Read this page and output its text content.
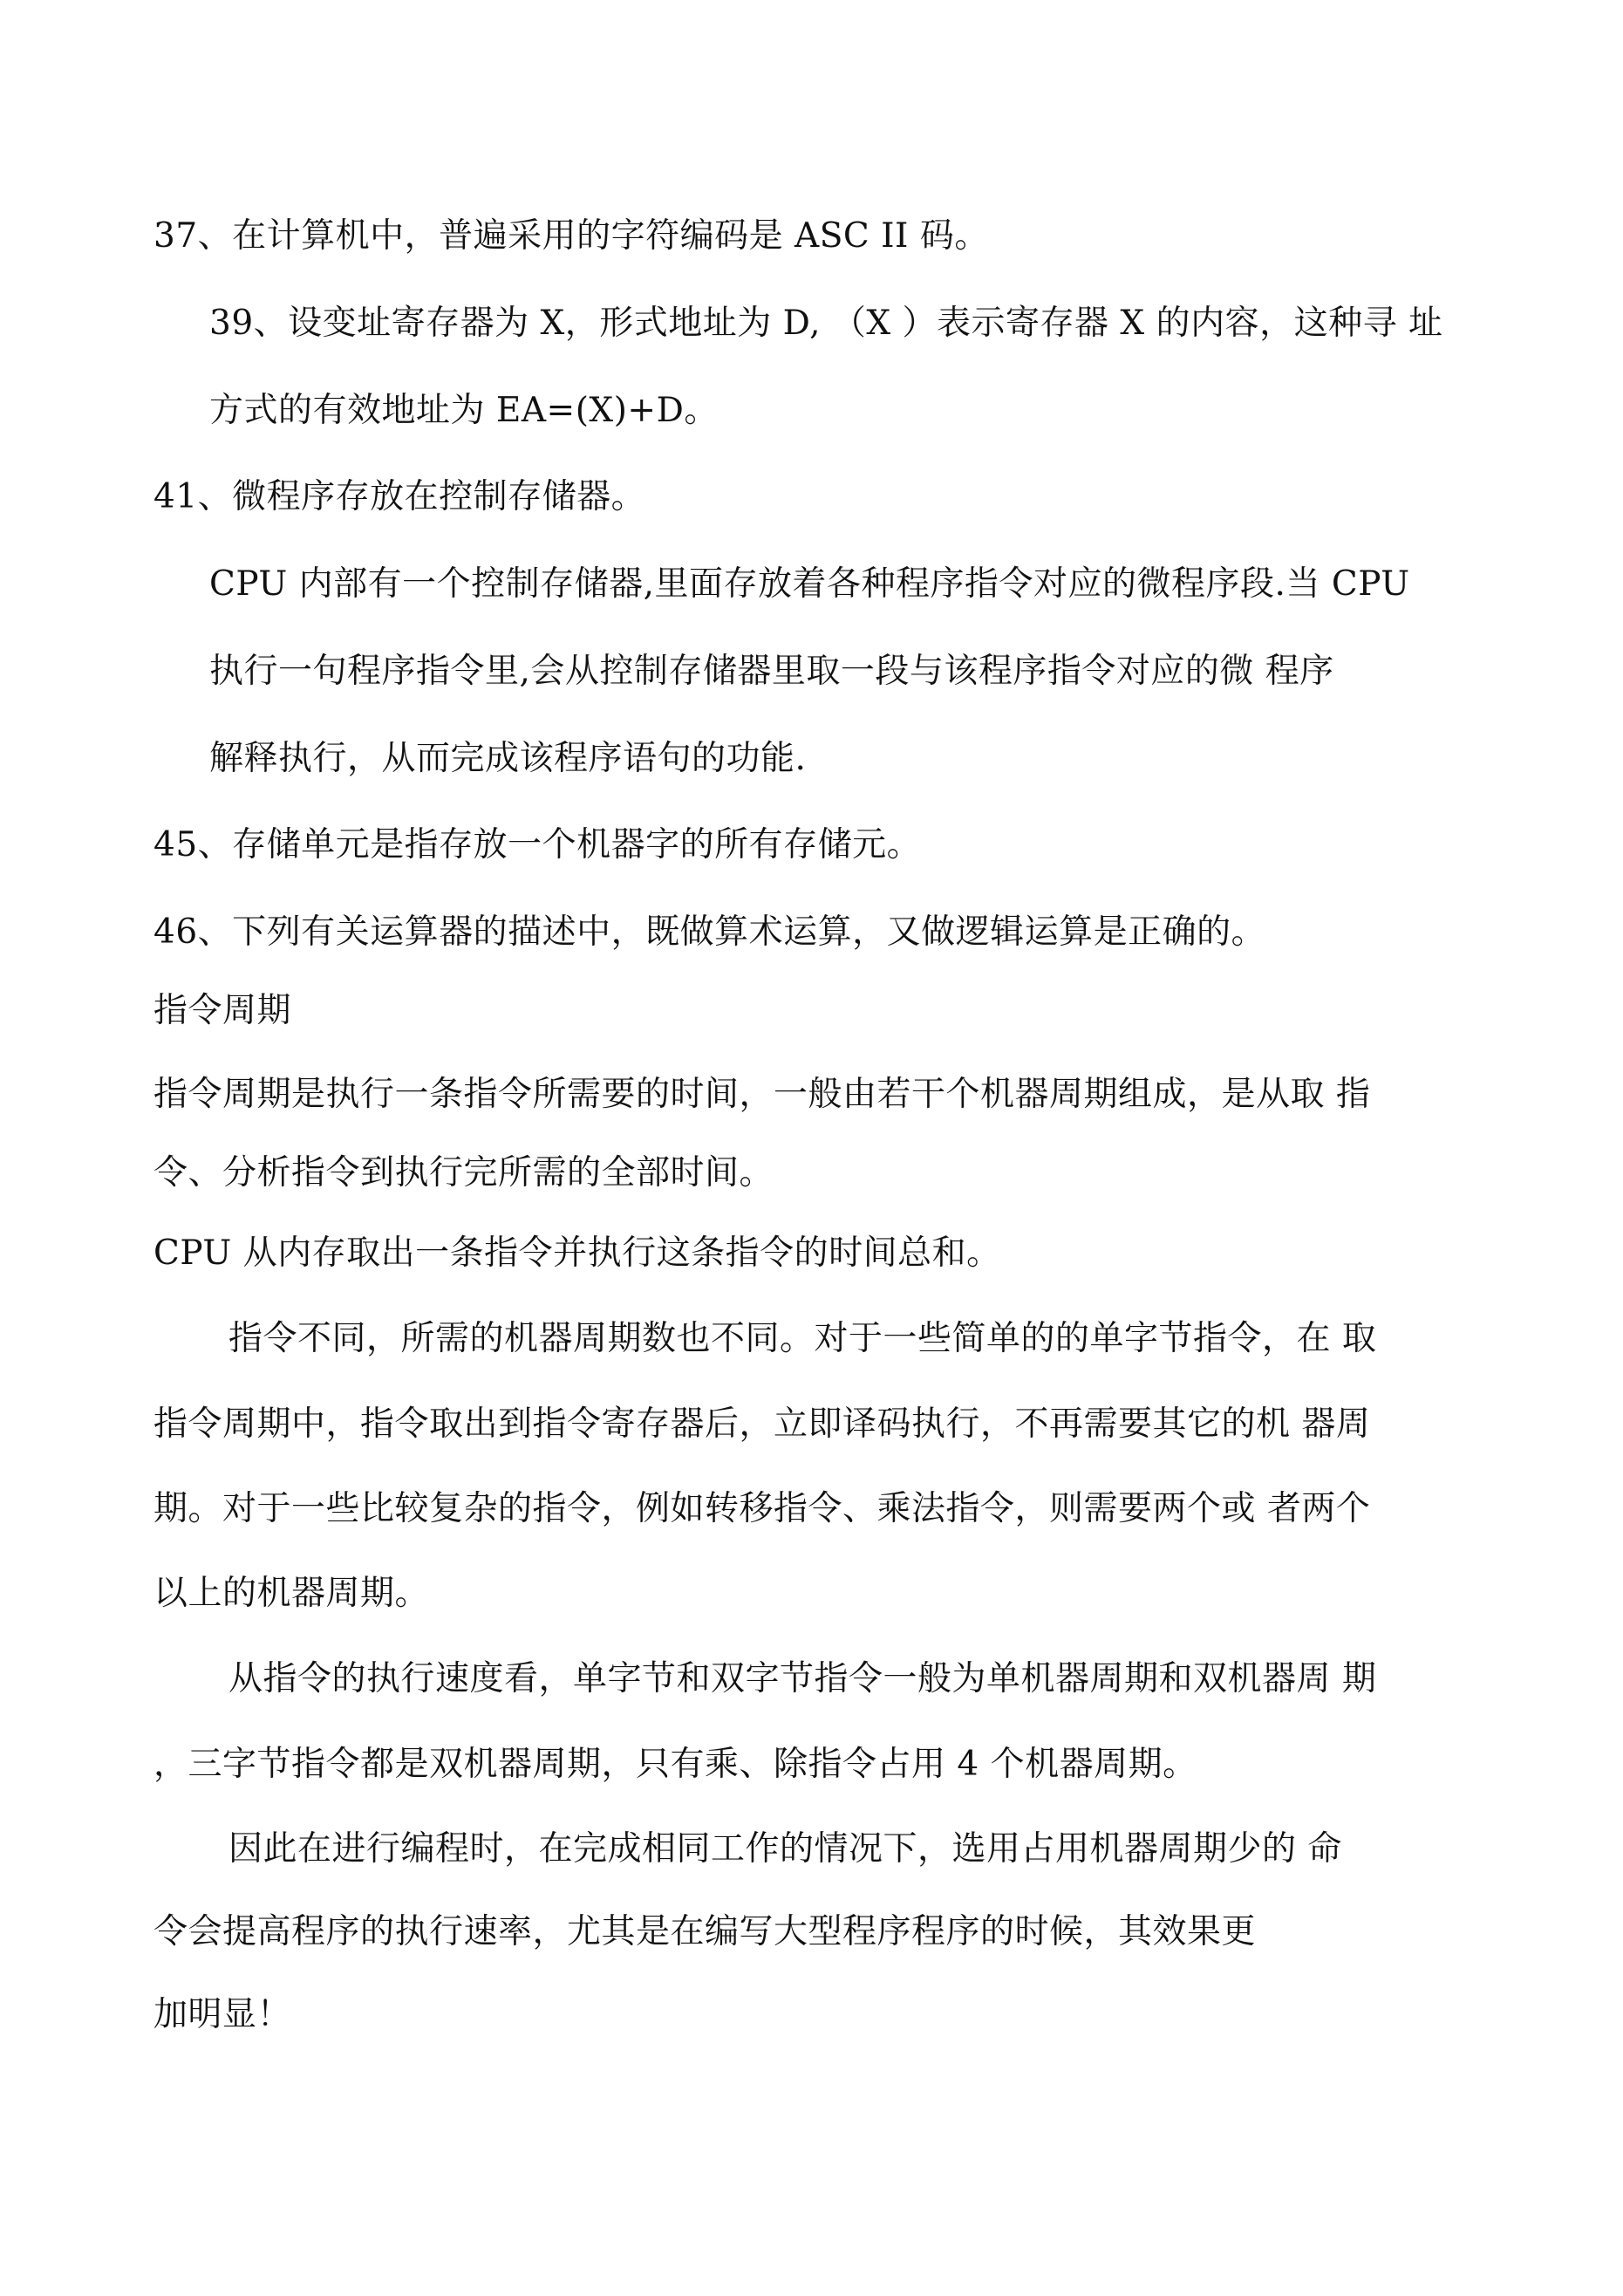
37、在计算机中，普遍采用的字符编码是 ASC II 码。
39、设变址寄存器为 X，形式地址为 D, （X ）表示寄存器 X 的内容，这种寻 址
方式的有效地址为 EA=(X)+D。
41、微程序存放在控制存储器。
CPU 内部有一个控制存储器,里面存放着各种程序指令对应的微程序段.当 CPU
执行一句程序指令里,会从控制存储器里取一段与该程序指令对应的微 程序
解释执行，从而完成该程序语句的功能.
45、存储单元是指存放一个机器字的所有存储元。
46、下列有关运算器的描述中，既做算术运算，又做逻辑运算是正确的。
指令周期
指令周期是执行一条指令所需要的时间，一般由若干个机器周期组成，是从取 指
令、分析指令到执行完所需的全部时间。
CPU 从内存取出一条指令并执行这条指令的时间总和。
指令不同，所需的机器周期数也不同。对于一些简单的的单字节指令，在 取
指令周期中，指令取出到指令寄存器后，立即译码执行，不再需要其它的机 器周
期。对于一些比较复杂的指令，例如转移指令、乘法指令，则需要两个或 者两个
以上的机器周期。
从指令的执行速度看，单字节和双字节指令一般为单机器周期和双机器周 期
，三字节指令都是双机器周期，只有乘、除指令占用 4 个机器周期。
因此在进行编程时，在完成相同工作的情况下，选用占用机器周期少的 命
令会提高程序的执行速率，尤其是在编写大型程序程序的时候，其效果更
加明显！
